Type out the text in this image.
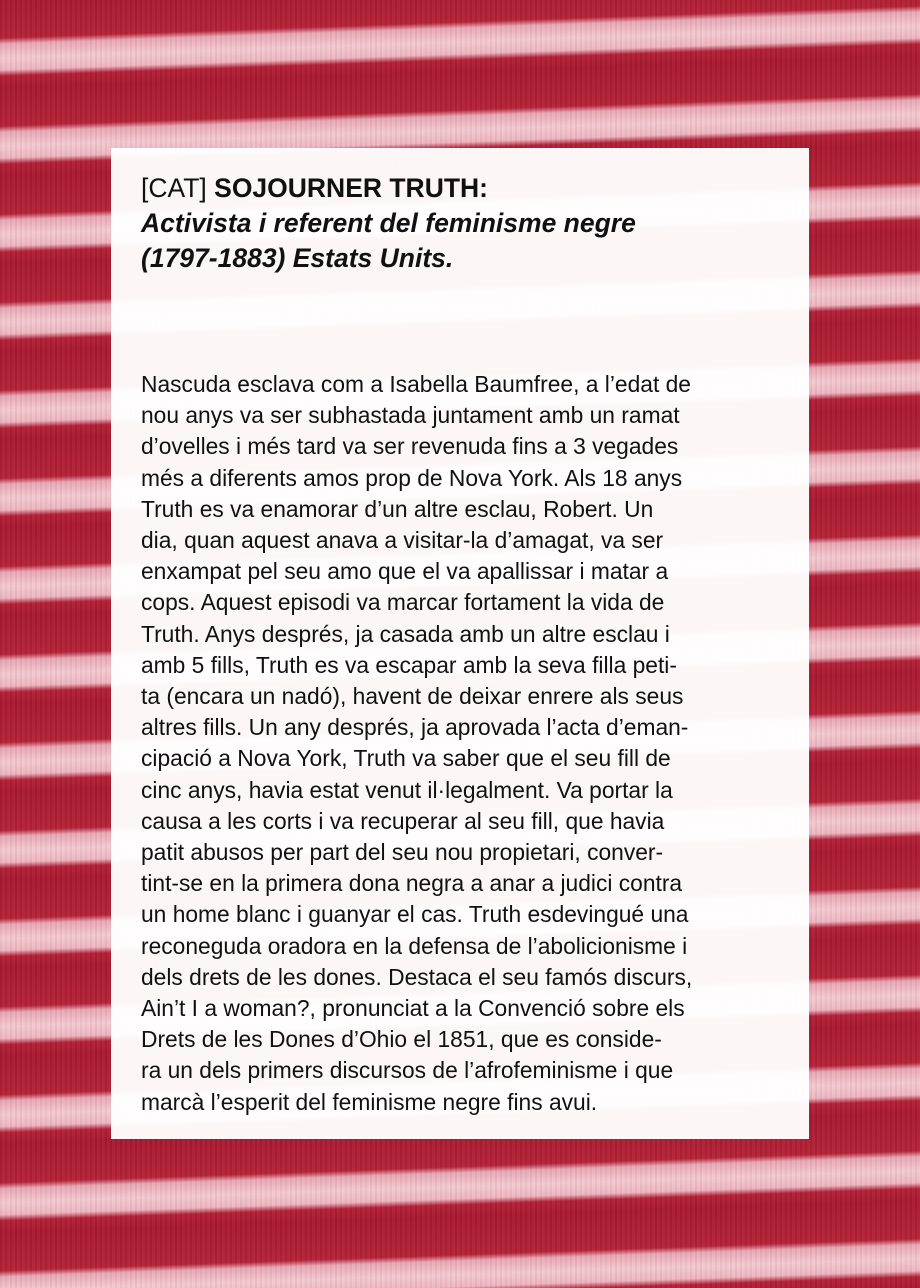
[CAT] SOJOURNER TRUTH:
Activista i referent del feminisme negre
(1797-1883) Estats Units.

Nascuda esclava com a Isabella Baumfree, a l’edat de
nou anys va ser subhastada juntament amb un ramat
d’ovelles i més tard va ser revenuda fins a 3 vegades
més a diferents amos prop de Nova York. Als 18 anys
Truth es va enamorar d’un altre esclau, Robert. Un
dia, quan aquest anava a visitar-la d’amagat, va ser
enxampat pel seu amo que el va apallissar i matar a
cops. Aquest episodi va marcar fortament la vida de
Truth. Anys després, ja casada amb un altre esclau i
amb 5 fills, Truth es va escapar amb la seva filla peti-
ta (encara un nadó), havent de deixar enrere als seus
altres fills. Un any després, ja aprovada l’acta d’eman-
cipació a Nova York, Truth va saber que el seu fill de
cinc anys, havia estat venut il·legalment. Va portar la
causa a les corts i va recuperar al seu fill, que havia
patit abusos per part del seu nou propietari, conver-
tint-se en la primera dona negra a anar a judici contra
un home blanc i guanyar el cas. Truth esdevingué una
reconeguda oradora en la defensa de l’abolicionisme i
dels drets de les dones. Destaca el seu famós discurs,
Ain’t I a woman?, pronunciat a la Convenció sobre els
Drets de les Dones d’Ohio el 1851, que es conside-
ra un dels primers discursos de l’afrofeminisme i que
marcà l’esperit del feminisme negre fins avui.
